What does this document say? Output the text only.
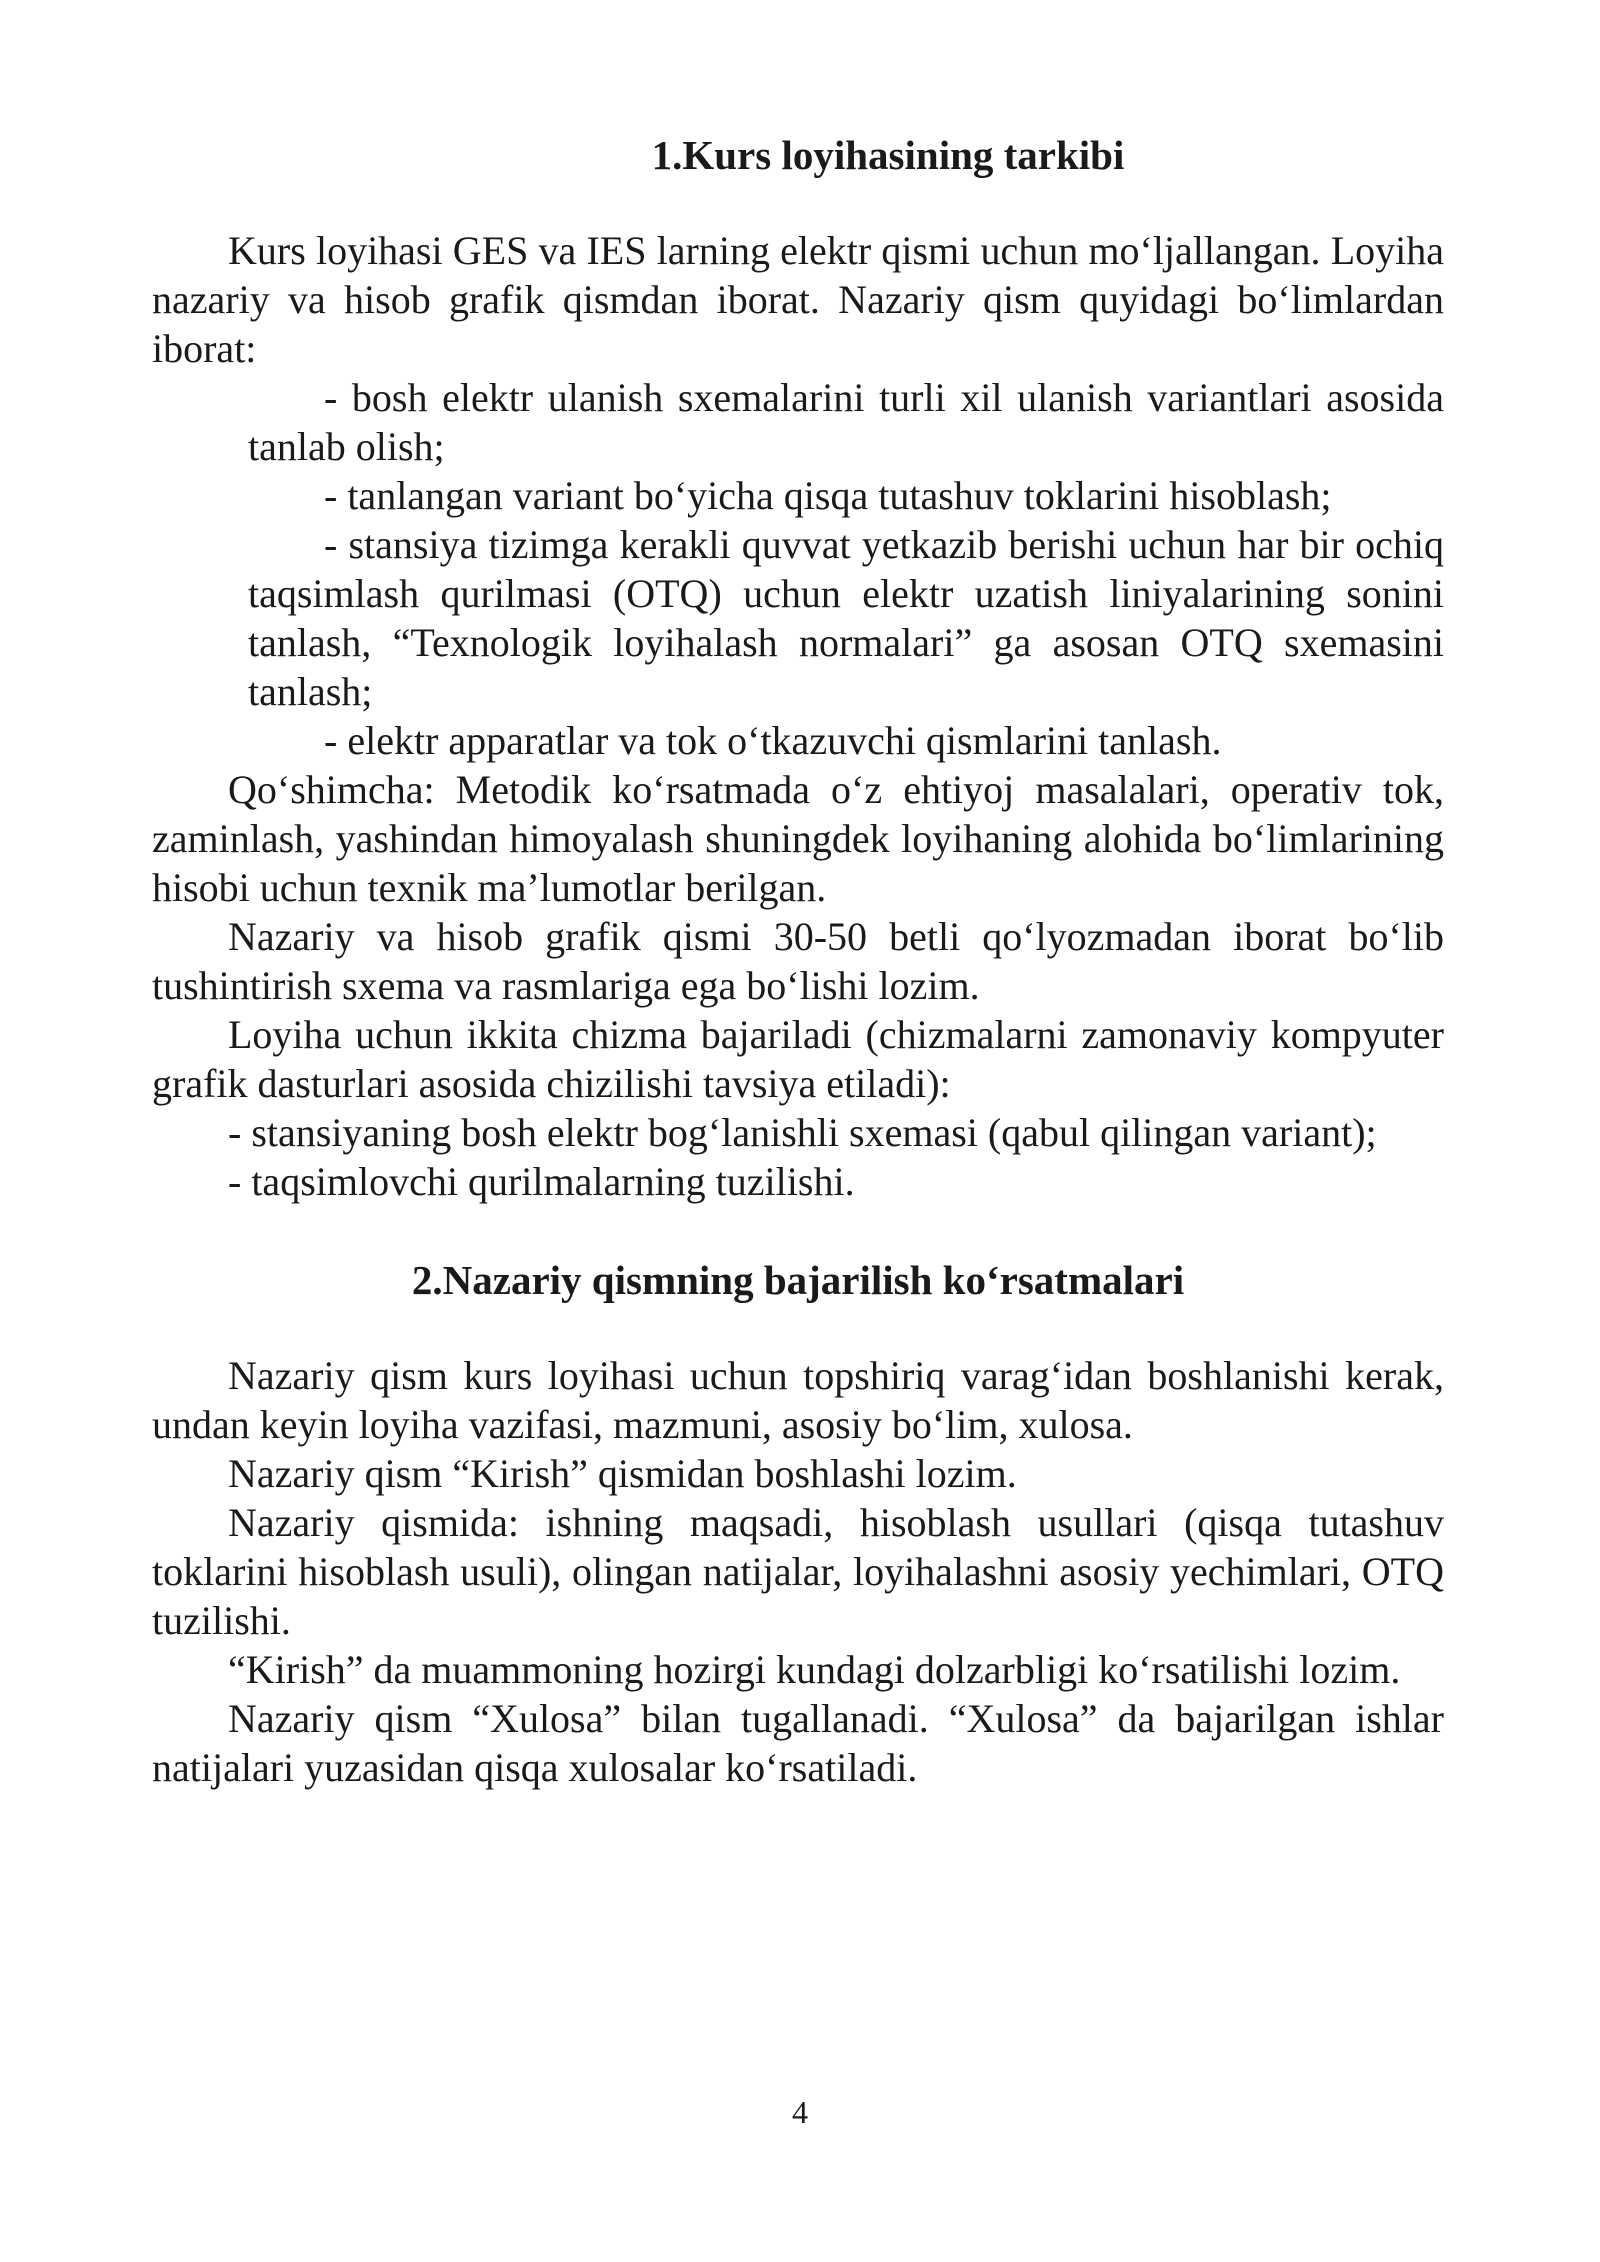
1.Kurs loyihasining tarkibi

Kurs loyihasi GES va IES larning elektr qismi uchun mo‘ljallangan. Loyiha nazariy va hisob grafik qismdan iborat. Nazariy qism quyidagi bo‘limlardan iborat:

- bosh elektr ulanish sxemalarini turli xil ulanish variantlari asosida tanlab olish;

- tanlangan variant bo‘yicha qisqa tutashuv toklarini hisoblash;

- stansiya tizimga kerakli quvvat yetkazib berishi uchun har bir ochiq taqsimlash qurilmasi (OTQ) uchun elektr uzatish liniyalarining sonini tanlash, “Texnologik loyihalash normalari” ga asosan OTQ sxemasini tanlash;

- elektr apparatlar va tok o‘tkazuvchi qismlarini tanlash.

Qo‘shimcha: Metodik ko‘rsatmada o‘z ehtiyoj masalalari, operativ tok, zaminlash, yashindan himoyalash shuningdek loyihaning alohida bo‘limlarining hisobi uchun texnik ma’lumotlar berilgan.

Nazariy va hisob grafik qismi 30-50 betli qo‘lyozmadan iborat bo‘lib tushintirish sxema va rasmlariga ega bo‘lishi lozim.

Loyiha uchun ikkita chizma bajariladi (chizmalarni zamonaviy kompyuter grafik dasturlari asosida chizilishi tavsiya etiladi):

- stansiyaning bosh elektr bog‘lanishli sxemasi (qabul qilingan variant);

- taqsimlovchi qurilmalarning tuzilishi.

2.Nazariy qismning bajarilish ko‘rsatmalari

Nazariy qism kurs loyihasi uchun topshiriq varag‘idan boshlanishi kerak, undan keyin loyiha vazifasi, mazmuni, asosiy bo‘lim, xulosa.

Nazariy qism “Kirish” qismidan boshlashi lozim.

Nazariy qismida: ishning maqsadi, hisoblash usullari (qisqa tutashuv toklarini hisoblash usuli), olingan natijalar, loyihalashni asosiy yechimlari, OTQ tuzilishi.

“Kirish” da muammoning hozirgi kundagi dolzarbligi ko‘rsatilishi lozim.

Nazariy qism “Xulosa” bilan tugallanadi. “Xulosa” da bajarilgan ishlar natijalari yuzasidan qisqa xulosalar ko‘rsatiladi.

4
